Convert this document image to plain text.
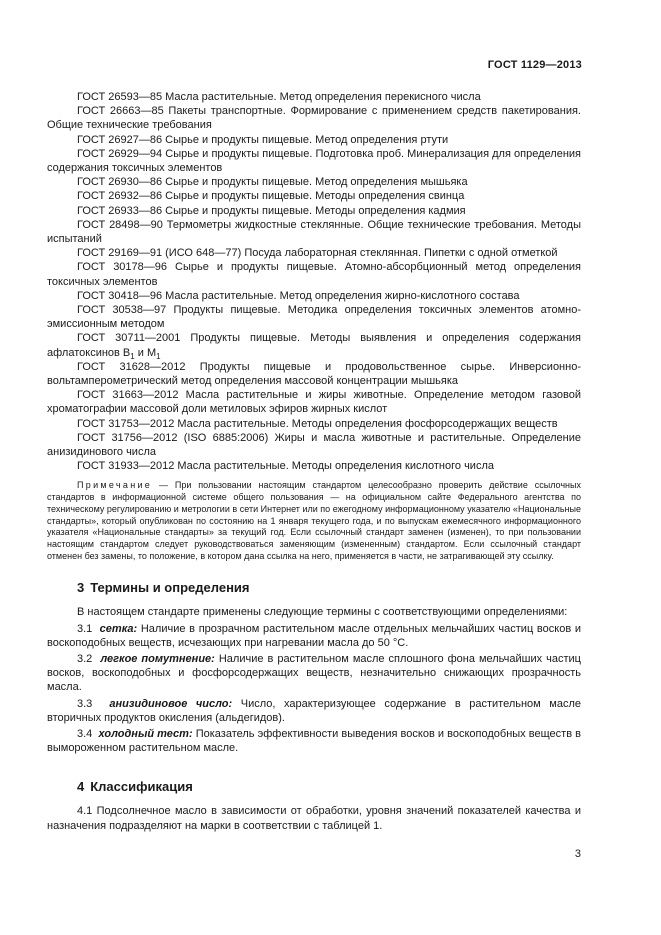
ГОСТ 1129—2013

ГОСТ 26593—85 Масла растительные. Метод определения перекисного числа

ГОСТ 26663—85 Пакеты транспортные. Формирование с применением средств пакетирования. Общие технические требования

ГОСТ 26927—86 Сырье и продукты пищевые. Метод определения ртути

ГОСТ 26929—94 Сырье и продукты пищевые. Подготовка проб. Минерализация для определения содержания токсичных элементов

ГОСТ 26930—86 Сырье и продукты пищевые. Метод определения мышьяка

ГОСТ 26932—86 Сырье и продукты пищевые. Методы определения свинца

ГОСТ 26933—86 Сырье и продукты пищевые. Методы определения кадмия

ГОСТ 28498—90 Термометры жидкостные стеклянные. Общие технические требования. Методы испытаний

ГОСТ 29169—91 (ИСО 648—77) Посуда лабораторная стеклянная. Пипетки с одной отметкой

ГОСТ 30178—96 Сырье и продукты пищевые. Атомно-абсорбционный метод определения токсичных элементов

ГОСТ 30418—96 Масла растительные. Метод определения жирно-кислотного состава

ГОСТ 30538—97 Продукты пищевые. Методика определения токсичных элементов атомно-эмиссионным методом

ГОСТ 30711—2001 Продукты пищевые. Методы выявления и определения содержания афлатоксинов $B_1$ и $M_1$

ГОСТ 31628—2012 Продукты пищевые и продовольственное сырье. Инверсионно-вольтамперометрический метод определения массовой концентрации мышьяка

ГОСТ 31663—2012 Масла растительные и жиры животные. Определение методом газовой хроматографии массовой доли метиловых эфиров жирных кислот

ГОСТ 31753—2012 Масла растительные. Методы определения фосфорсодержащих веществ

ГОСТ 31756—2012 (ISO 6885:2006) Жиры и масла животные и растительные. Определение анизидинового числа

ГОСТ 31933—2012 Масла растительные. Методы определения кислотного числа

Примечание — При пользовании настоящим стандартом целесообразно проверить действие ссылочных стандартов в информационной системе общего пользования — на официальном сайте Федерального агентства по техническому регулированию и метрологии в сети Интернет или по ежегодному информационному указателю «Национальные стандарты», который опубликован по состоянию на 1 января текущего года, и по выпускам ежемесячного информационного указателя «Национальные стандарты» за текущий год. Если ссылочный стандарт заменен (изменен), то при пользовании настоящим стандартом следует руководствоваться заменяющим (измененным) стандартом. Если ссылочный стандарт отменен без замены, то положение, в котором дана ссылка на него, применяется в части, не затрагивающей эту ссылку.

3 Термины и определения

В настоящем стандарте применены следующие термины с соответствующими определениями:

3.1 сетка: Наличие в прозрачном растительном масле отдельных мельчайших частиц восков и воскоподобных веществ, исчезающих при нагревании масла до 50 °С.

3.2 легкое помутнение: Наличие в растительном масле сплошного фона мельчайших частиц восков, воскоподобных и фосфорсодержащих веществ, незначительно снижающих прозрачность масла.

3.3 анизидиновое число: Число, характеризующее содержание в растительном масле вторичных продуктов окисления (альдегидов).

3.4 холодный тест: Показатель эффективности выведения восков и воскоподобных веществ в вымороженном растительном масле.

4 Классификация

4.1 Подсолнечное масло в зависимости от обработки, уровня значений показателей качества и назначения подразделяют на марки в соответствии с таблицей 1.

3
